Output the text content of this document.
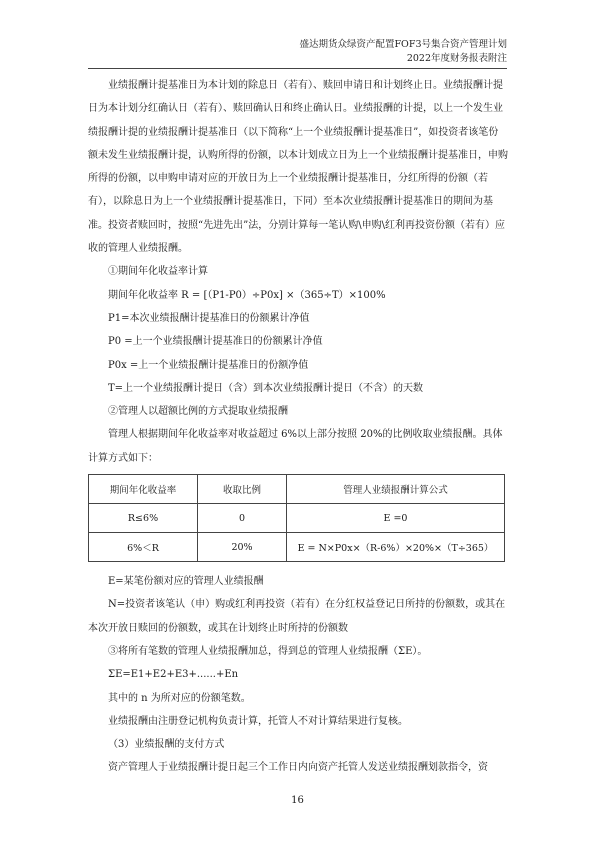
盛达期货众绿资产配置FOF3号集合资产管理计划
2022年度财务报表附注

业绩报酬计提基准日为本计划的除息日（若有）、赎回申请日和计划终止日。业绩报酬计提日为本计划分红确认日（若有）、赎回确认日和终止确认日。业绩报酬的计提，以上一个发生业绩报酬计提的业绩报酬计提基准日（以下简称“上一个业绩报酬计提基准日”，如投资者该笔份额未发生业绩报酬计提，认购所得的份额，以本计划成立日为上一个业绩报酬计提基准日，申购所得的份额，以申购申请对应的开放日为上一个业绩报酬计提基准日，分红所得的份额（若有），以除息日为上一个业绩报酬计提基准日，下同）至本次业绩报酬计提基准日的期间为基准。投资者赎回时，按照“先进先出”法，分别计算每一笔认购\申购\红利再投资份额（若有）应收的管理人业绩报酬。

①期间年化收益率计算

期间年化收益率 R = [（P1-P0）÷P0x] ×（365÷T）×100%

P1=本次业绩报酬计提基准日的份额累计净值

P0 =上一个业绩报酬计提基准日的份额累计净值

P0x =上一个业绩报酬计提基准日的份额净值

T=上一个业绩报酬计提日（含）到本次业绩报酬计提日（不含）的天数

②管理人以超额比例的方式提取业绩报酬

管理人根据期间年化收益率对收益超过 6%以上部分按照 20%的比例收取业绩报酬。具体计算方式如下：

期间年化收益率	收取比例	管理人业绩报酬计算公式
R≤6%	0	E =0
6%＜R	20%	E = N×P0x×（R-6%）×20%×（T÷365）

E=某笔份额对应的管理人业绩报酬

N=投资者该笔认（申）购或红利再投资（若有）在分红权益登记日所持的份额数，或其在本次开放日赎回的份额数，或其在计划终止时所持的份额数

③将所有笔数的管理人业绩报酬加总，得到总的管理人业绩报酬（ΣE）。

ΣE=E1+E2+E3+......+En

其中的 n 为所对应的份额笔数。

业绩报酬由注册登记机构负责计算，托管人不对计算结果进行复核。

（3）业绩报酬的支付方式

资产管理人于业绩报酬计提日起三个工作日内向资产托管人发送业绩报酬划款指令，资

16
